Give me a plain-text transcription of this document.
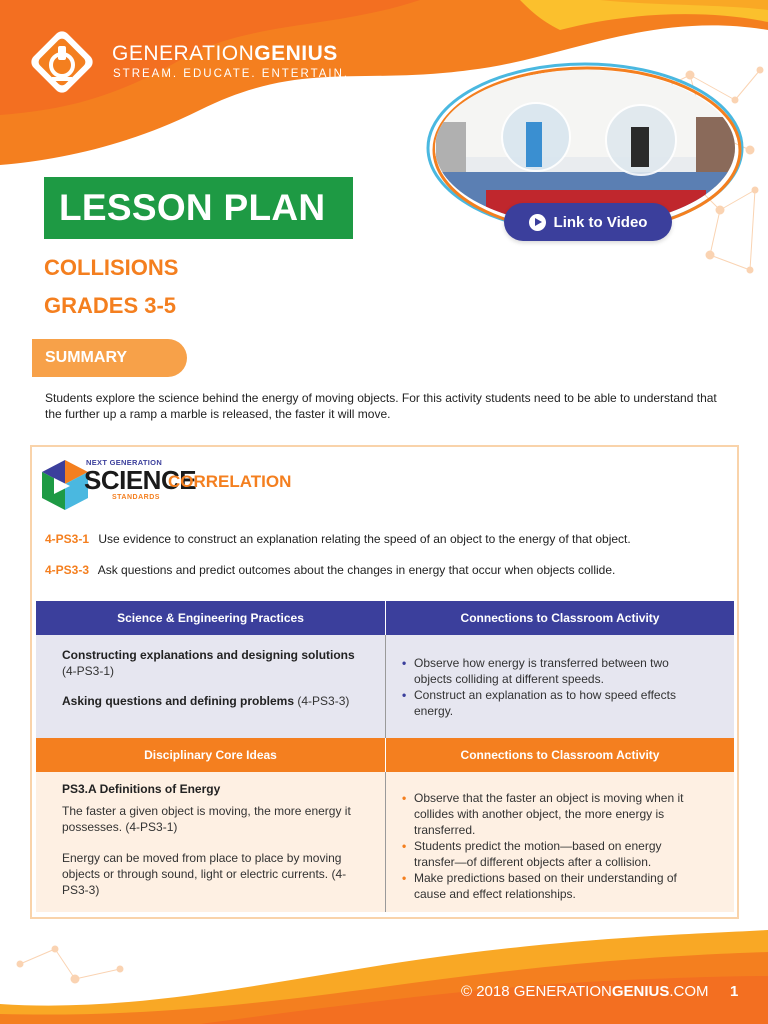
GENERATIONGENIUS
STREAM. EDUCATE. ENTERTAIN.
Link to Video
LESSON PLAN
COLLISIONS
GRADES 3-5
SUMMARY
Students explore the science behind the energy of moving objects. For this activity students need to be able to understand that the further up a ramp a marble is released, the faster it will move.
NEXT GENERATION
SCIENCE
STANDARDS
CORRELATION
4-PS3-1 Use evidence to construct an explanation relating the speed of an object to the energy of that object.
4-PS3-3 Ask questions and predict outcomes about the changes in energy that occur when objects collide.
Science & Engineering Practices	Connections to Classroom Activity
Constructing explanations and designing solutions
(4-PS3-1)
Asking questions and defining problems (4-PS3-3)
• Observe how energy is transferred between two objects colliding at different speeds.
• Construct an explanation as to how speed effects energy.
Disciplinary Core Ideas	Connections to Classroom Activity
PS3.A Definitions of Energy
The faster a given object is moving, the more energy it possesses. (4-PS3-1)
Energy can be moved from place to place by moving objects or through sound, light or electric currents. (4-PS3-3)
• Observe that the faster an object is moving when it collides with another object, the more energy is transferred.
• Students predict the motion—based on energy transfer—of different objects after a collision.
• Make predictions based on their understanding of cause and effect relationships.
© 2018 GENERATIONGENIUS.COM 1
